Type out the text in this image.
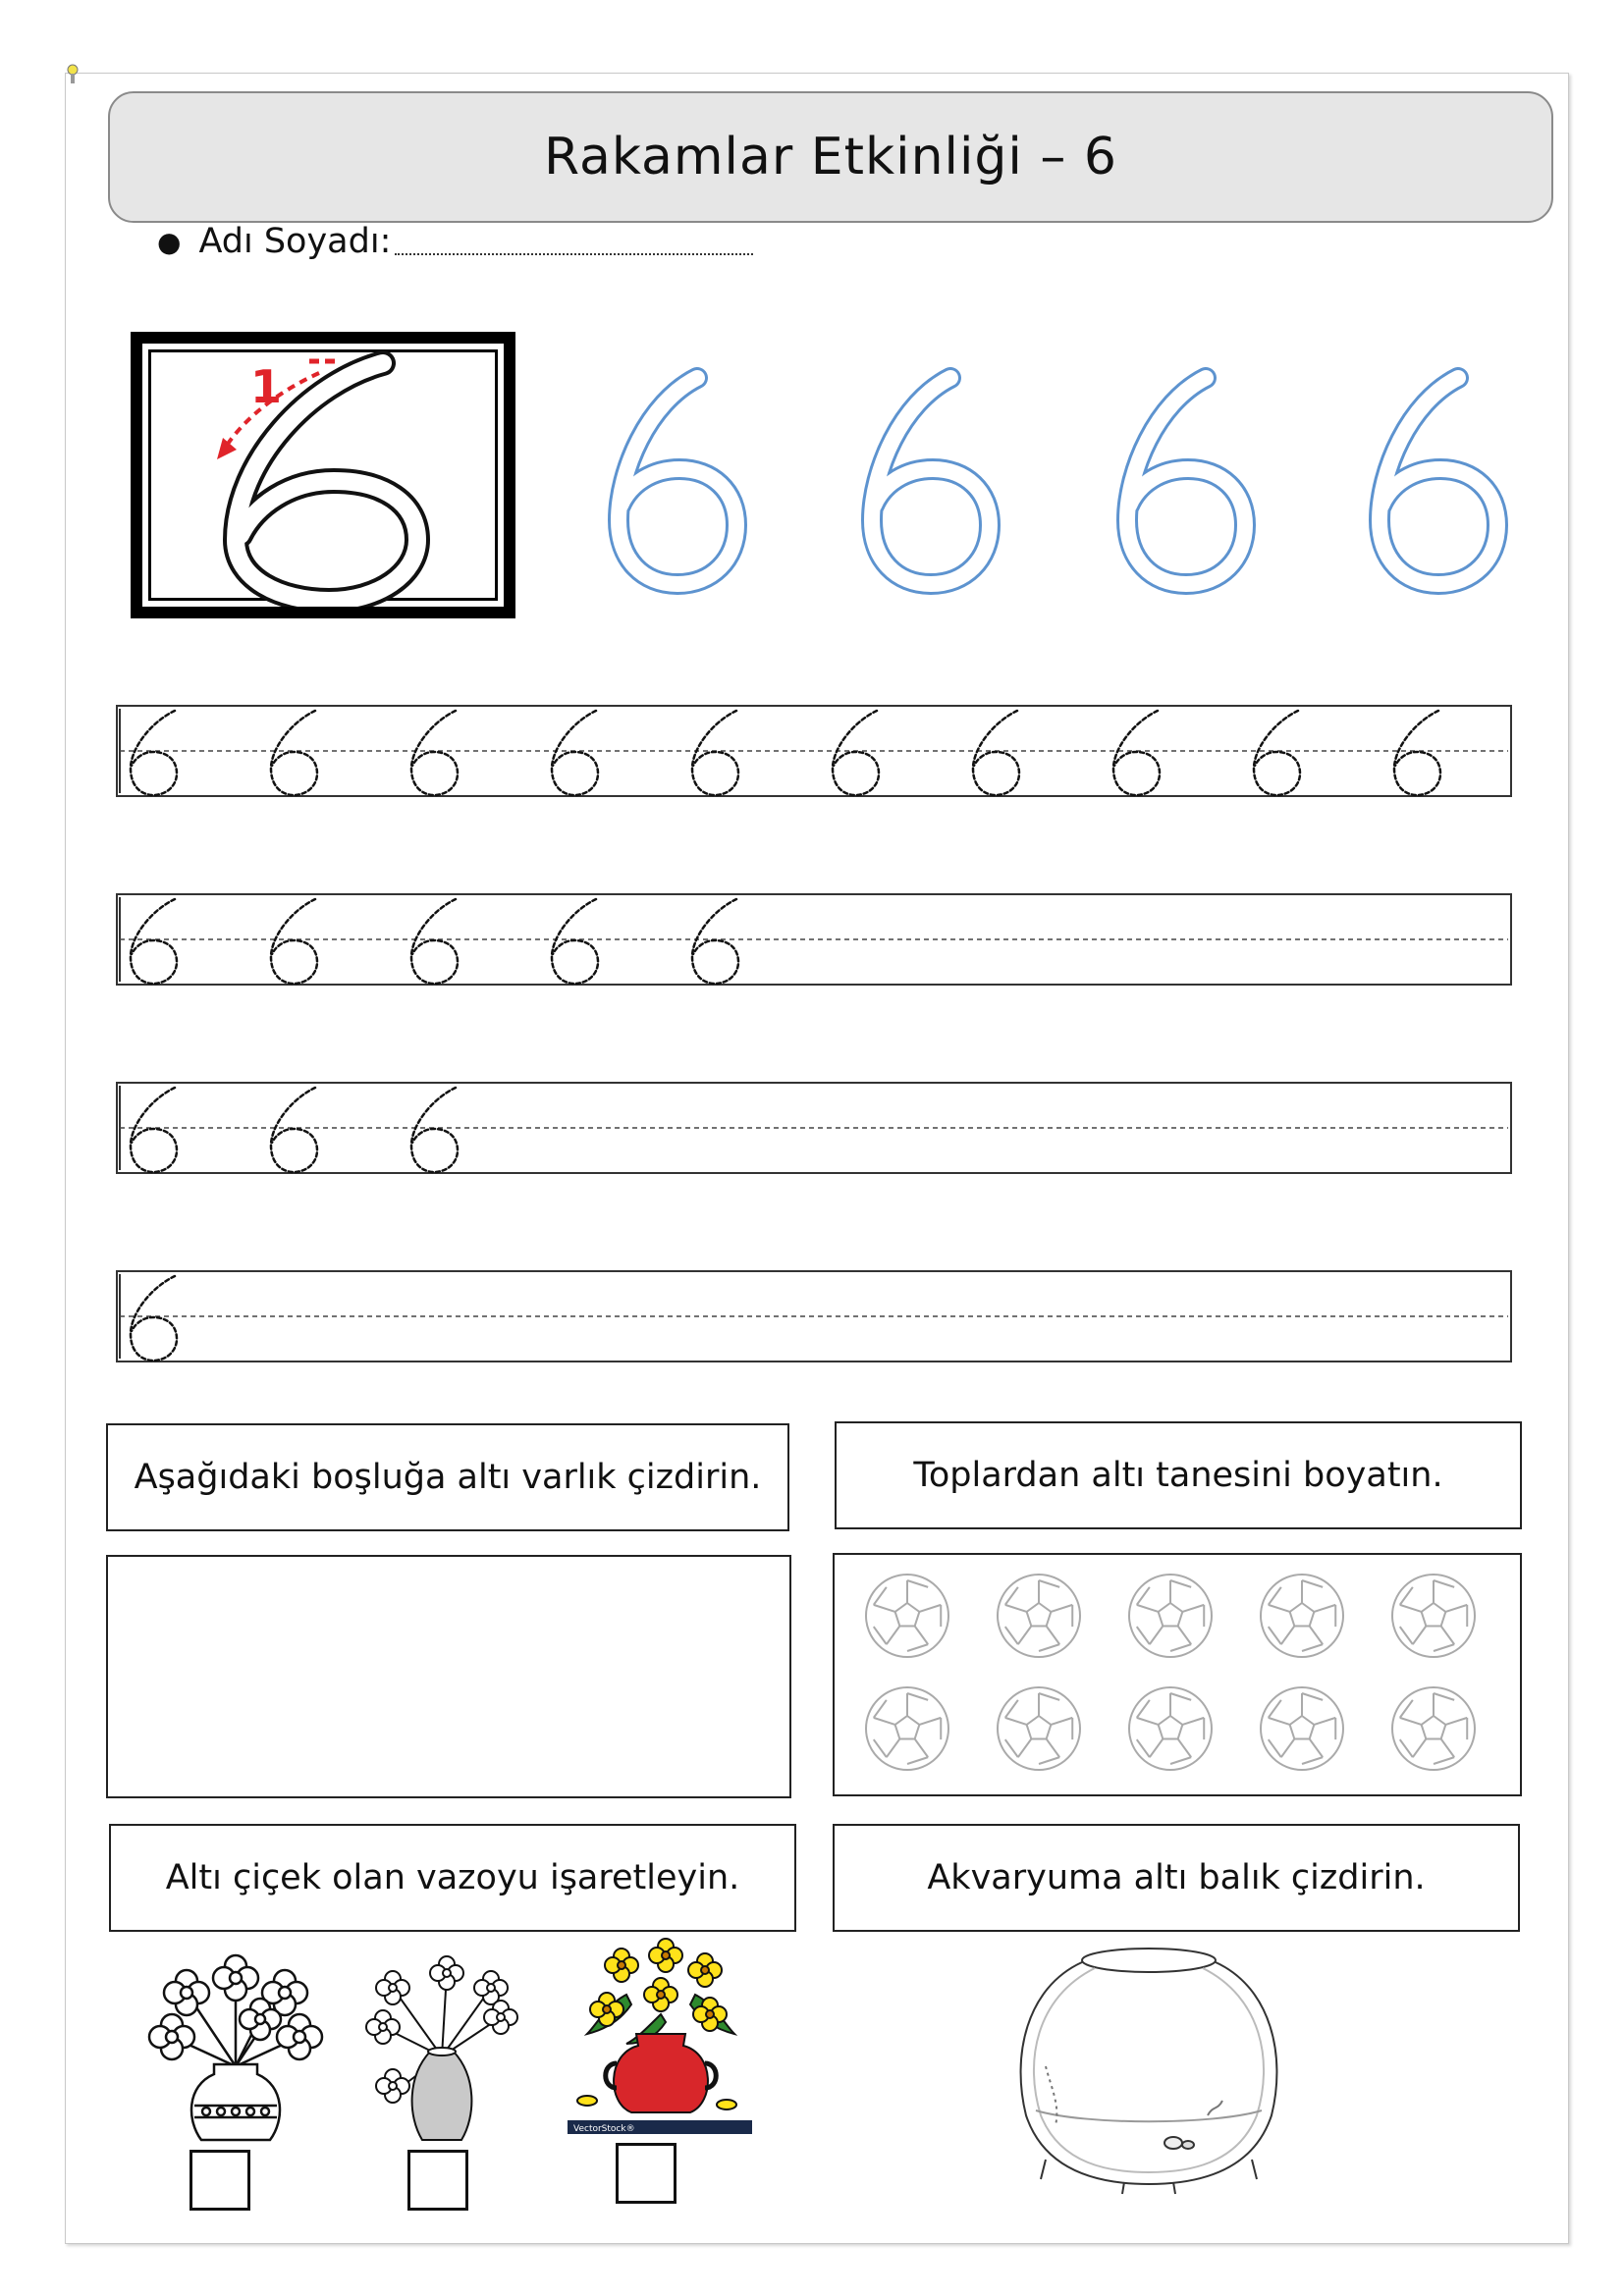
Rakamlar Etkinliği – 6
● Adı Soyadı:
1
Aşağıdaki boşluğa altı varlık çizdirin.	Toplardan altı tanesini boyatın.
Altı çiçek olan vazoyu işaretleyin.	Akvaryuma altı balık çizdirin.
VectorStock®
